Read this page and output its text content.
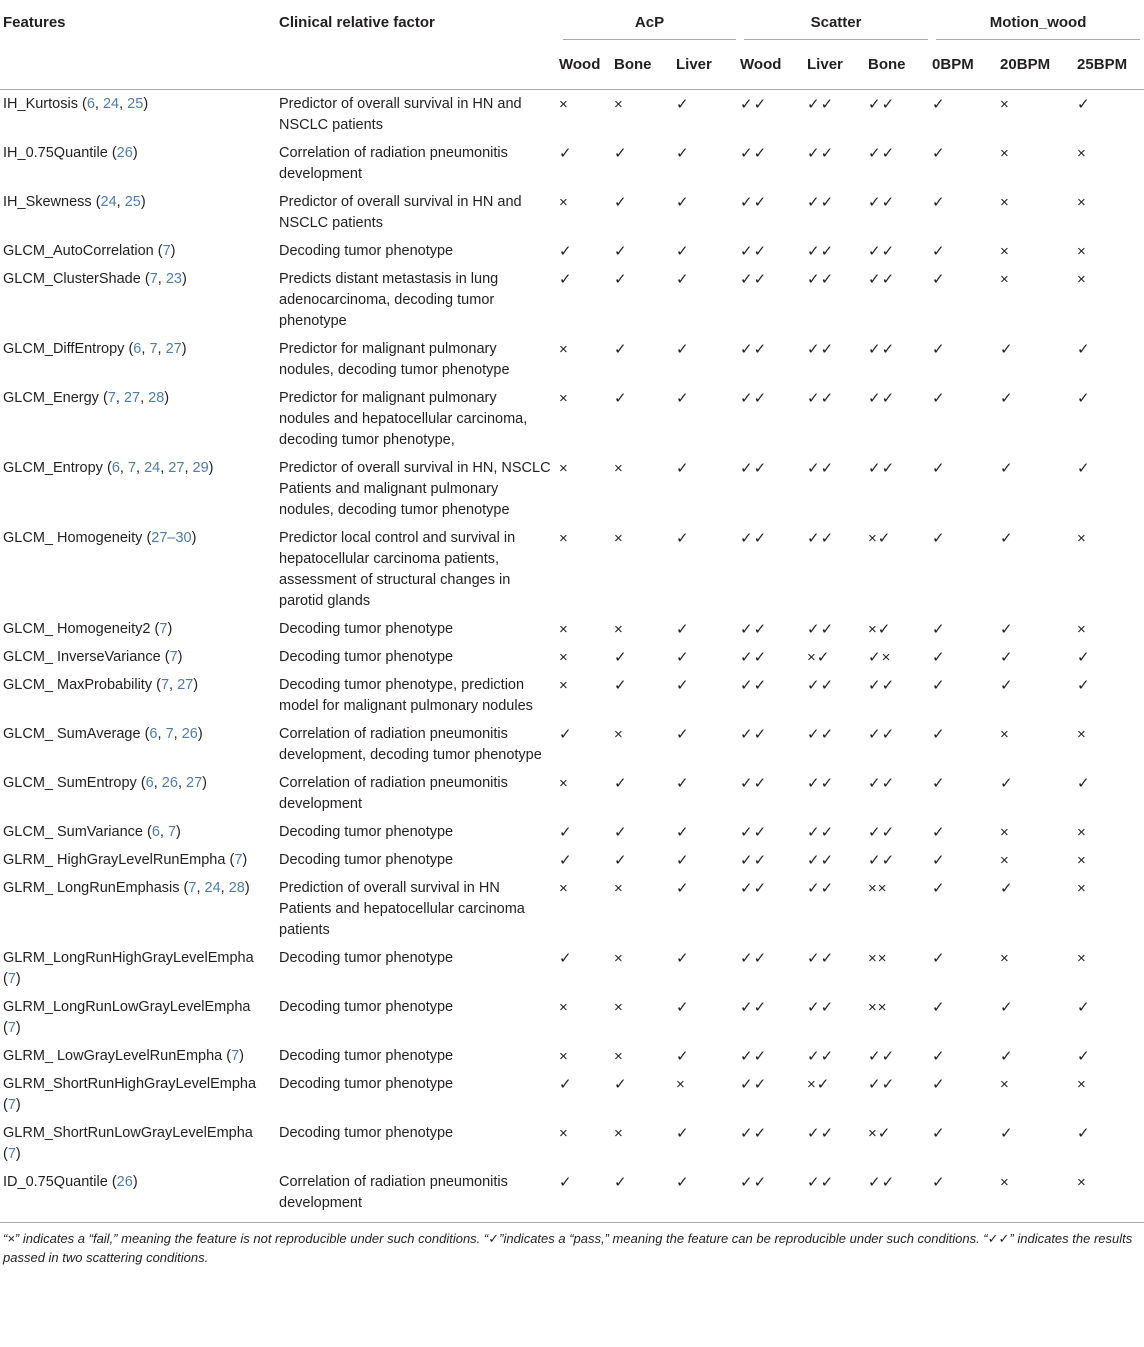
Features	Clinical relative factor	AcP			Scatter			Motion_wood		

		Wood	Bone	Liver	Wood	Liver	Bone	0BPM	20BPM	25BPM
IH_Kurtosis (6, 24, 25)	Predictor of overall survival in HN and NSCLC patients	×	×	✓	✓✓	✓✓	✓✓	✓	×	✓
IH_0.75Quantile (26)	Correlation of radiation pneumonitis development	✓	✓	✓	✓✓	✓✓	✓✓	✓	×	×
IH_Skewness (24, 25)	Predictor of overall survival in HN and NSCLC patients	×	✓	✓	✓✓	✓✓	✓✓	✓	×	×
GLCM_AutoCorrelation (7)	Decoding tumor phenotype	✓	✓	✓	✓✓	✓✓	✓✓	✓	×	×
GLCM_ClusterShade (7, 23)	Predicts distant metastasis in lung adenocarcinoma, decoding tumor phenotype	✓	✓	✓	✓✓	✓✓	✓✓	✓	×	×
GLCM_DiffEntropy (6, 7, 27)	Predictor for malignant pulmonary nodules, decoding tumor phenotype	×	✓	✓	✓✓	✓✓	✓✓	✓	✓	✓
GLCM_Energy (7, 27, 28)	Predictor for malignant pulmonary nodules and hepatocellular carcinoma, decoding tumor phenotype,	×	✓	✓	✓✓	✓✓	✓✓	✓	✓	✓
GLCM_Entropy (6, 7, 24, 27, 29)	Predictor of overall survival in HN, NSCLC Patients and malignant pulmonary nodules, decoding tumor phenotype	×	×	✓	✓✓	✓✓	✓✓	✓	✓	✓
GLCM_ Homogeneity (27–30)	Predictor local control and survival in hepatocellular carcinoma patients, assessment of structural changes in parotid glands	×	×	✓	✓✓	✓✓	×✓	✓	✓	×
GLCM_ Homogeneity2 (7)	Decoding tumor phenotype	×	×	✓	✓✓	✓✓	×✓	✓	✓	×
GLCM_ InverseVariance (7)	Decoding tumor phenotype	×	✓	✓	✓✓	×✓	✓×	✓	✓	✓
GLCM_ MaxProbability (7, 27)	Decoding tumor phenotype, prediction model for malignant pulmonary nodules	×	✓	✓	✓✓	✓✓	✓✓	✓	✓	✓
GLCM_ SumAverage (6, 7, 26)	Correlation of radiation pneumonitis development, decoding tumor phenotype	✓	×	✓	✓✓	✓✓	✓✓	✓	×	×
GLCM_ SumEntropy (6, 26, 27)	Correlation of radiation pneumonitis development	×	✓	✓	✓✓	✓✓	✓✓	✓	✓	✓
GLCM_ SumVariance (6, 7)	Decoding tumor phenotype	✓	✓	✓	✓✓	✓✓	✓✓	✓	×	×
GLRM_ HighGrayLevelRunEmpha (7)	Decoding tumor phenotype	✓	✓	✓	✓✓	✓✓	✓✓	✓	×	×
GLRM_ LongRunEmphasis (7, 24, 28)	Prediction of overall survival in HN Patients and hepatocellular carcinoma patients	×	×	✓	✓✓	✓✓	××	✓	✓	×
GLRM_LongRunHighGrayLevelEmpha (7)	Decoding tumor phenotype	✓	×	✓	✓✓	✓✓	××	✓	×	×
GLRM_LongRunLowGrayLevelEmpha (7)	Decoding tumor phenotype	×	×	✓	✓✓	✓✓	××	✓	✓	✓
GLRM_ LowGrayLevelRunEmpha (7)	Decoding tumor phenotype	×	×	✓	✓✓	✓✓	✓✓	✓	✓	✓
GLRM_ShortRunHighGrayLevelEmpha (7)	Decoding tumor phenotype	✓	✓	×	✓✓	×✓	✓✓	✓	×	×
GLRM_ShortRunLowGrayLevelEmpha (7)	Decoding tumor phenotype	×	×	✓	✓✓	✓✓	×✓	✓	✓	✓
ID_0.75Quantile (26)	Correlation of radiation pneumonitis development	✓	✓	✓	✓✓	✓✓	✓✓	✓	×	×
“×” indicates a “fail,” meaning the feature is not reproducible under such conditions. “✓”indicates a “pass,” meaning the feature can be reproducible under such conditions. “✓✓” indicates the results passed in two scattering conditions.
